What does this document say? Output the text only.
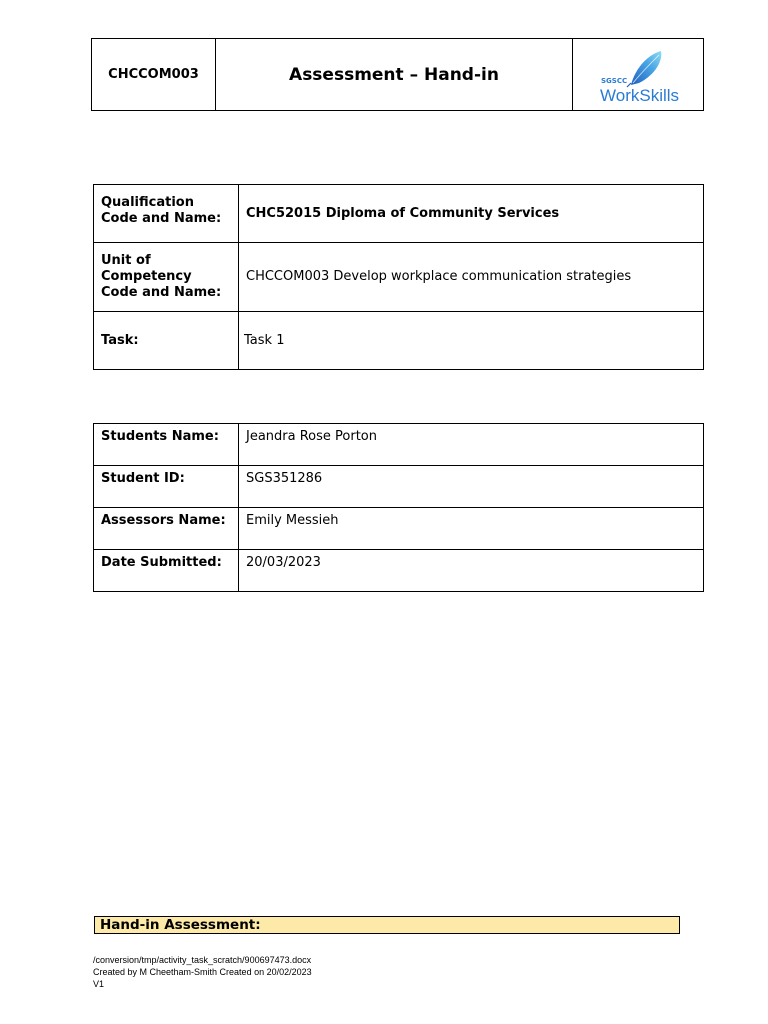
CHCCOM003	Assessment – Hand-in	SGSCC
WorkSkills
Qualification Code and Name:	CHC52015 Diploma of Community Services
Unit of Competency Code and Name:	CHCCOM003 Develop workplace communication strategies
Task:	Task 1
Students Name:	Jeandra Rose Porton
Student ID:	SGS351286
Assessors Name:	Emily Messieh
Date Submitted:	20/03/2023
Hand-in Assessment:
/conversion/tmp/activity_task_scratch/900697473.docx
Created by M Cheetham-Smith Created on 20/02/2023
V1
